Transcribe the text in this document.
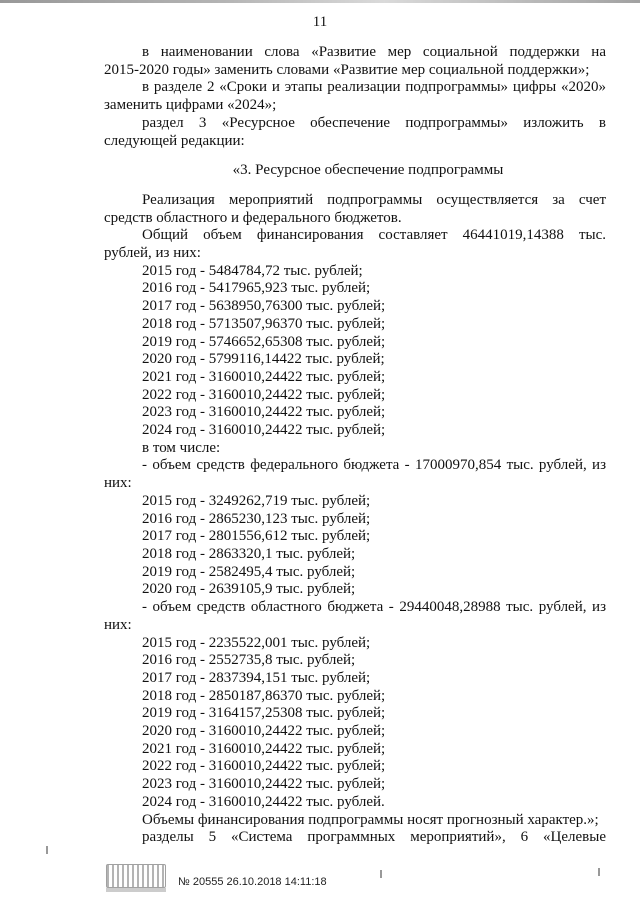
11
в наименовании слова «Развитие мер социальной поддержки на
2015-2020 годы» заменить словами «Развитие мер социальной поддержки»;
в разделе 2 «Сроки и этапы реализации подпрограммы» цифры «2020»
заменить цифрами «2024»;
раздел 3 «Ресурсное обеспечение подпрограммы» изложить в
следующей редакции:
«3. Ресурсное обеспечение подпрограммы
Реализация мероприятий подпрограммы осуществляется за счет
средств областного и федерального бюджетов.
Общий объем финансирования составляет 46441019,14388 тыс.
рублей, из них:
2015 год - 5484784,72 тыс. рублей;
2016 год - 5417965,923 тыс. рублей;
2017 год - 5638950,76300 тыс. рублей;
2018 год - 5713507,96370 тыс. рублей;
2019 год - 5746652,65308 тыс. рублей;
2020 год - 5799116,14422 тыс. рублей;
2021 год - 3160010,24422 тыс. рублей;
2022 год - 3160010,24422 тыс. рублей;
2023 год - 3160010,24422 тыс. рублей;
2024 год - 3160010,24422 тыс. рублей;
в том числе:
- объем средств федерального бюджета - 17000970,854 тыс. рублей, из
них:
2015 год - 3249262,719 тыс. рублей;
2016 год - 2865230,123 тыс. рублей;
2017 год - 2801556,612 тыс. рублей;
2018 год - 2863320,1 тыс. рублей;
2019 год - 2582495,4 тыс. рублей;
2020 год - 2639105,9 тыс. рублей;
- объем средств областного бюджета - 29440048,28988 тыс. рублей, из
них:
2015 год - 2235522,001 тыс. рублей;
2016 год - 2552735,8 тыс. рублей;
2017 год - 2837394,151 тыс. рублей;
2018 год - 2850187,86370 тыс. рублей;
2019 год - 3164157,25308 тыс. рублей;
2020 год - 3160010,24422 тыс. рублей;
2021 год - 3160010,24422 тыс. рублей;
2022 год - 3160010,24422 тыс. рублей;
2023 год - 3160010,24422 тыс. рублей;
2024 год - 3160010,24422 тыс. рублей.
Объемы финансирования подпрограммы носят прогнозный характер.»;
разделы 5 «Система программных мероприятий», 6 «Целевые
№ 20555 26.10.2018 14:11:18
